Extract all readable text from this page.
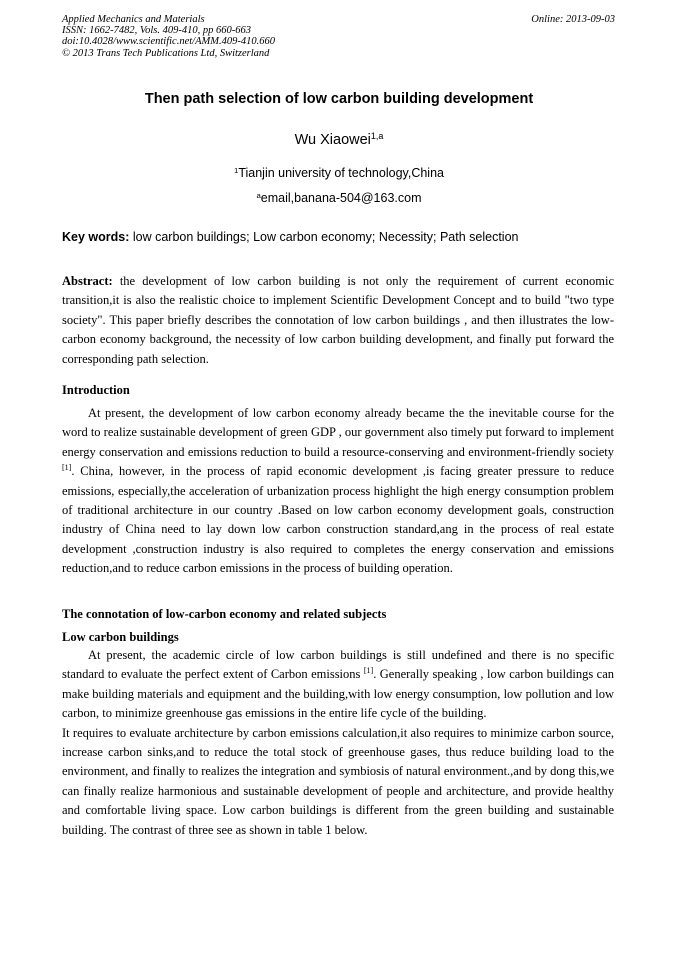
Applied Mechanics and Materials
ISSN: 1662-7482, Vols. 409-410, pp 660-663
doi:10.4028/www.scientific.net/AMM.409-410.660
© 2013 Trans Tech Publications Ltd, Switzerland
Online: 2013-09-03
Then path selection of low carbon building development
Wu Xiaowei$^{1,a}$
$^1$Tianjin university of technology,China
$^a$email,banana-504@163.com
Key words: low carbon buildings; Low carbon economy; Necessity; Path selection

Abstract: the development of low carbon building is not only the requirement of current economic transition,it is also the realistic choice to implement Scientific Development Concept and to build "two type society". This paper briefly describes the connotation of low carbon buildings , and then illustrates the low-carbon economy background, the necessity of low carbon building development, and finally put forward the corresponding path selection.

Introduction

At present, the development of low carbon economy already became the the inevitable course for the word to realize sustainable development of green GDP , our government also timely put forward to implement energy conservation and emissions reduction to build a resource-conserving and environment-friendly society [1]. China, however, in the process of rapid economic development ,is facing greater pressure to reduce emissions, especially,the acceleration of urbanization process highlight the high energy consumption problem of traditional architecture in our country .Based on low carbon economy development goals, construction industry of China need to lay down low carbon construction standard,ang in the process of real estate development ,construction industry is also required to completes the energy conservation and emissions reduction,and to reduce carbon emissions in the process of building operation.

The connotation of low-carbon economy and related subjects
Low carbon buildings

At present, the academic circle of low carbon buildings is still undefined and there is no specific standard to evaluate the perfect extent of Carbon emissions [1]. Generally speaking , low carbon buildings can make building materials and equipment and the building,with low energy consumption, low pollution and low carbon, to minimize greenhouse gas emissions in the entire life cycle of the building.

It requires to evaluate architecture by carbon emissions calculation,it also requires to minimize carbon source, increase carbon sinks,and to reduce the total stock of greenhouse gases, thus reduce building load to the environment, and finally to realizes the integration and symbiosis of natural environment.,and by dong this,we can finally realize harmonious and sustainable development of people and architecture, and provide healthy and comfortable living space. Low carbon buildings is different from the green building and sustainable building. The contrast of three see as shown in table 1 below.
